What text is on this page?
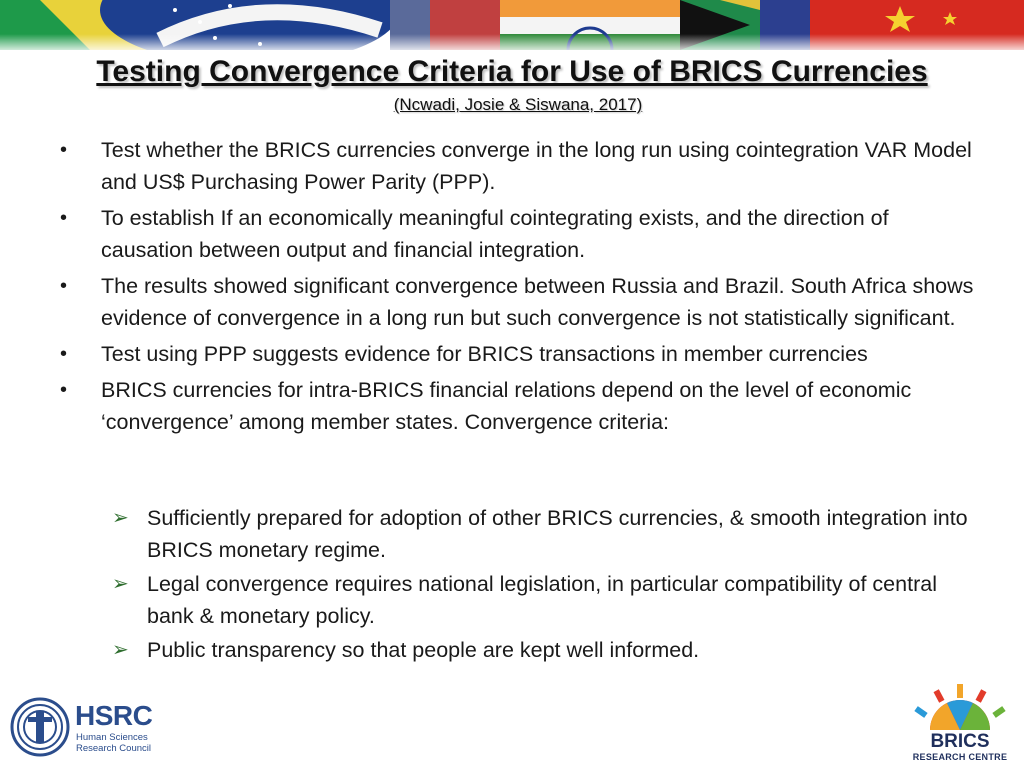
Testing Convergence Criteria for Use of BRICS Currencies
(Ncwadi, Josie & Siswana, 2017)
• Test whether the BRICS currencies converge in the long run using cointegration VAR Model and US$ Purchasing Power Parity (PPP).
• To establish If an economically meaningful cointegrating exists, and the direction of causation between output and financial integration.
• The results showed significant convergence between Russia and Brazil. South Africa shows evidence of convergence in a long run but such convergence is not statistically significant.
• Test using PPP suggests evidence for BRICS transactions in member currencies
• BRICS currencies for intra-BRICS financial relations depend on the level of economic ‘convergence’ among member states. Convergence criteria:
➢ Sufficiently prepared for adoption of other BRICS currencies, & smooth integration into BRICS monetary regime.
➢ Legal convergence requires national legislation, in particular compatibility of central bank & monetary policy.
➢ Public transparency so that people are kept well informed.
HSRC
Human Sciences
Research Council	BRICS
RESEARCH CENTRE
